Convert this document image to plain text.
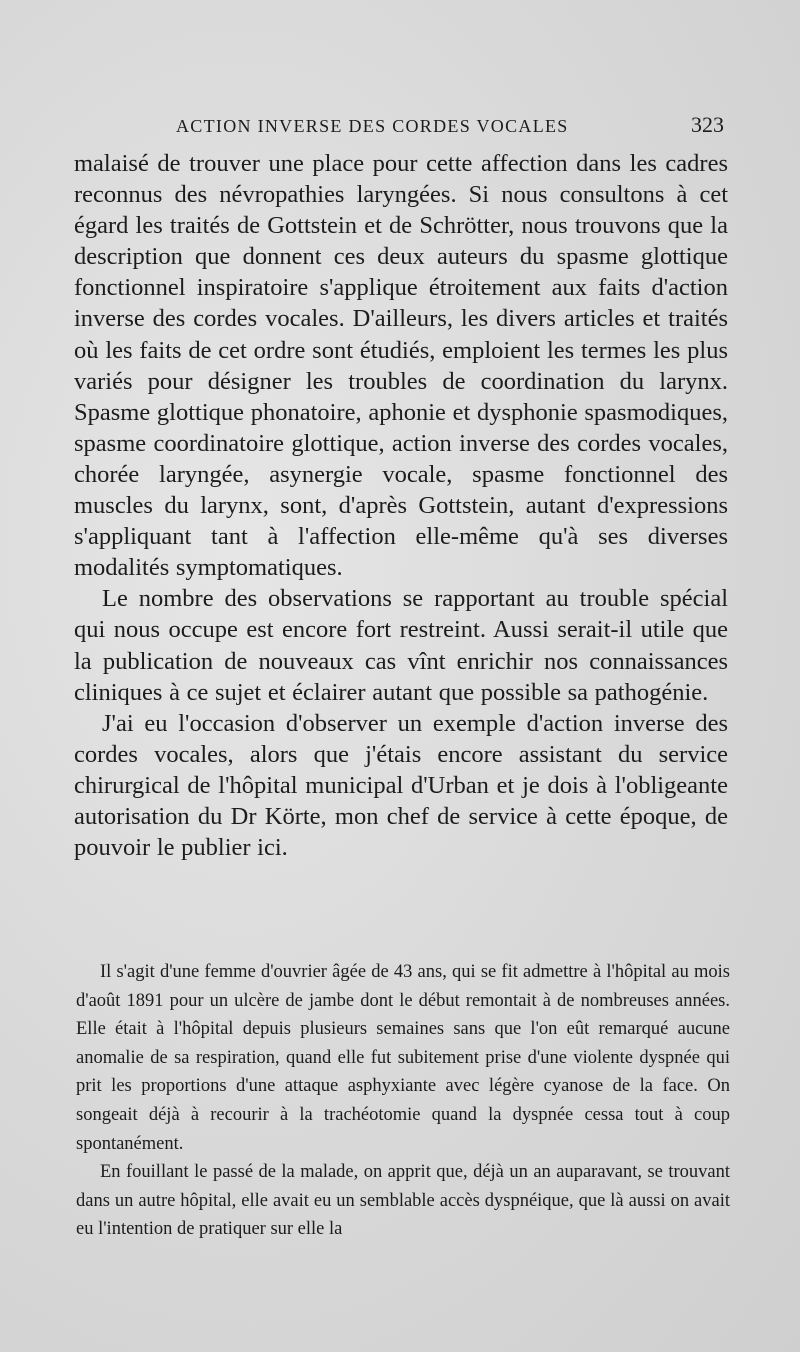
ACTION INVERSE DES CORDES VOCALES	323

malaisé de trouver une place pour cette affection dans les cadres reconnus des névropathies laryngées. Si nous consultons à cet égard les traités de Gottstein et de Schrötter, nous trouvons que la description que donnent ces deux auteurs du spasme glottique fonctionnel inspiratoire s'applique étroitement aux faits d'action inverse des cordes vocales. D'ailleurs, les divers articles et traités où les faits de cet ordre sont étudiés, emploient les termes les plus variés pour désigner les troubles de coordination du larynx. Spasme glottique phonatoire, aphonie et dysphonie spasmodiques, spasme coordinatoire glottique, action inverse des cordes vocales, chorée laryngée, asynergie vocale, spasme fonctionnel des muscles du larynx, sont, d'après Gottstein, autant d'expressions s'appliquant tant à l'affection elle-même qu'à ses diverses modalités symptomatiques.

Le nombre des observations se rapportant au trouble spécial qui nous occupe est encore fort restreint. Aussi serait-il utile que la publication de nouveaux cas vînt enrichir nos connaissances cliniques à ce sujet et éclairer autant que possible sa pathogénie.

J'ai eu l'occasion d'observer un exemple d'action inverse des cordes vocales, alors que j'étais encore assistant du service chirurgical de l'hôpital municipal d'Urban et je dois à l'obligeante autorisation du Dr Körte, mon chef de service à cette époque, de pouvoir le publier ici.

Il s'agit d'une femme d'ouvrier âgée de 43 ans, qui se fit admettre à l'hôpital au mois d'août 1891 pour un ulcère de jambe dont le début remontait à de nombreuses années. Elle était à l'hôpital depuis plusieurs semaines sans que l'on eût remarqué aucune anomalie de sa respiration, quand elle fut subitement prise d'une violente dyspnée qui prit les proportions d'une attaque asphyxiante avec légère cyanose de la face. On songeait déjà à recourir à la trachéotomie quand la dyspnée cessa tout à coup spontanément.

En fouillant le passé de la malade, on apprit que, déjà un an auparavant, se trouvant dans un autre hôpital, elle avait eu un semblable accès dyspnéique, que là aussi on avait eu l'intention de pratiquer sur elle la
